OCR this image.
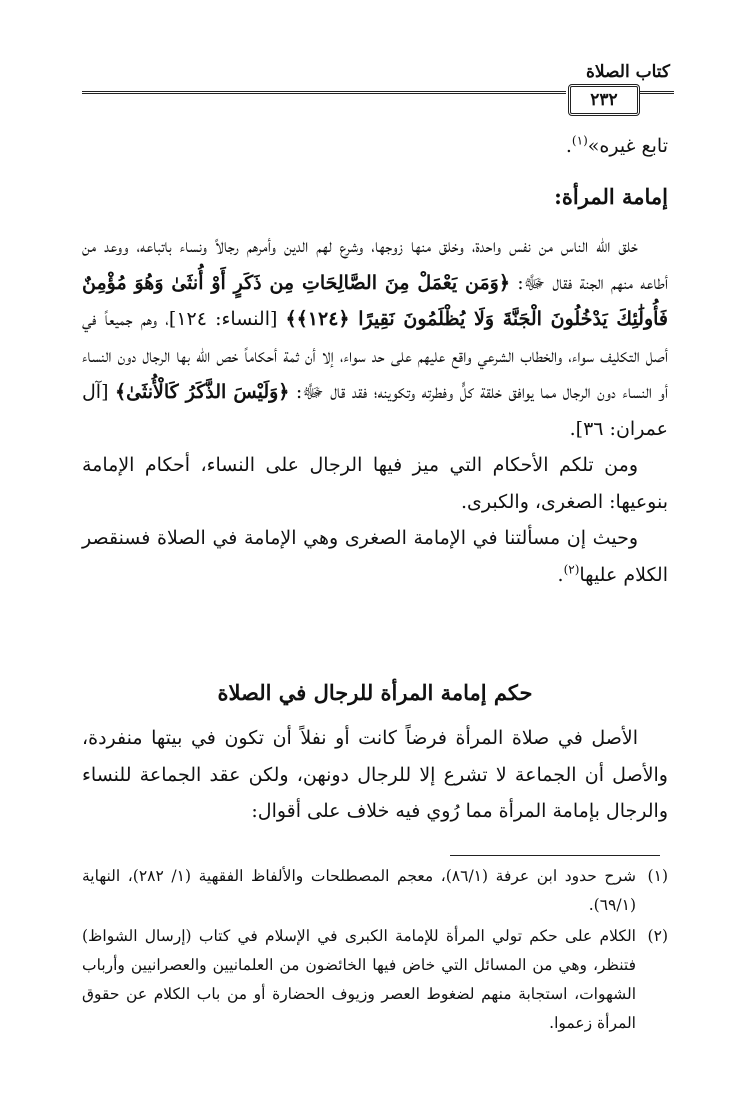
كتاب الصلاة
٢٣٢

تابع غيره»$^{(١)}$.

إمامة المرأة:

خلق الله الناس من نفس واحدة، وخلق منها زوجها، وشرع لهم الدين وأمرهم رجالاً ونساء باتباعه، ووعد من أطاعه منهم الجنة فقال ﷻ: ﴿وَمَن يَعْمَلْ مِنَ الصَّالِحَاتِ مِن ذَكَرٍ أَوْ أُنثَىٰ وَهُوَ مُؤْمِنٌ فَأُولَٰئِكَ يَدْخُلُونَ الْجَنَّةَ وَلَا يُظْلَمُونَ نَقِيرًا ﴿١٢٤﴾﴾ [النساء: ١٢٤]، وهم جميعاً في أصل التكليف سواء، والخطاب الشرعي واقع عليهم على حد سواء، إلا أن ثمة أحكاماً خص الله بها الرجال دون النساء أو النساء دون الرجال مما يوافق خلقة كلٍّ وفطرته وتكوينه؛ فقد قال ﷻ: ﴿وَلَيْسَ الذَّكَرُ كَالْأُنثَىٰ﴾ [آل عمران: ٣٦].

ومن تلكم الأحكام التي ميز فيها الرجال على النساء، أحكام الإمامة بنوعيها: الصغرى، والكبرى.

وحيث إن مسألتنا في الإمامة الصغرى وهي الإمامة في الصلاة فسنقصر الكلام عليها$^{(٢)}$.

حكم إمامة المرأة للرجال في الصلاة

الأصل في صلاة المرأة فرضاً كانت أو نفلاً أن تكون في بيتها منفردة، والأصل أن الجماعة لا تشرع إلا للرجال دونهن، ولكن عقد الجماعة للنساء والرجال بإمامة المرأة مما رُوي فيه خلاف على أقوال:

(١)
شرح حدود ابن عرفة (٨٦/١)، معجم المصطلحات والألفاظ الفقهية (١/ ٢٨٢)، النهاية (٦٩/١).

(٢)
الكلام على حكم تولي المرأة للإمامة الكبرى في الإسلام في كتاب (إرسال الشواظ) فتنظر، وهي من المسائل التي خاض فيها الخائضون من العلمانيين والعصرانيين وأرباب الشهوات، استجابة منهم لضغوط العصر وزيوف الحضارة أو من باب الكلام عن حقوق المرأة زعموا.
